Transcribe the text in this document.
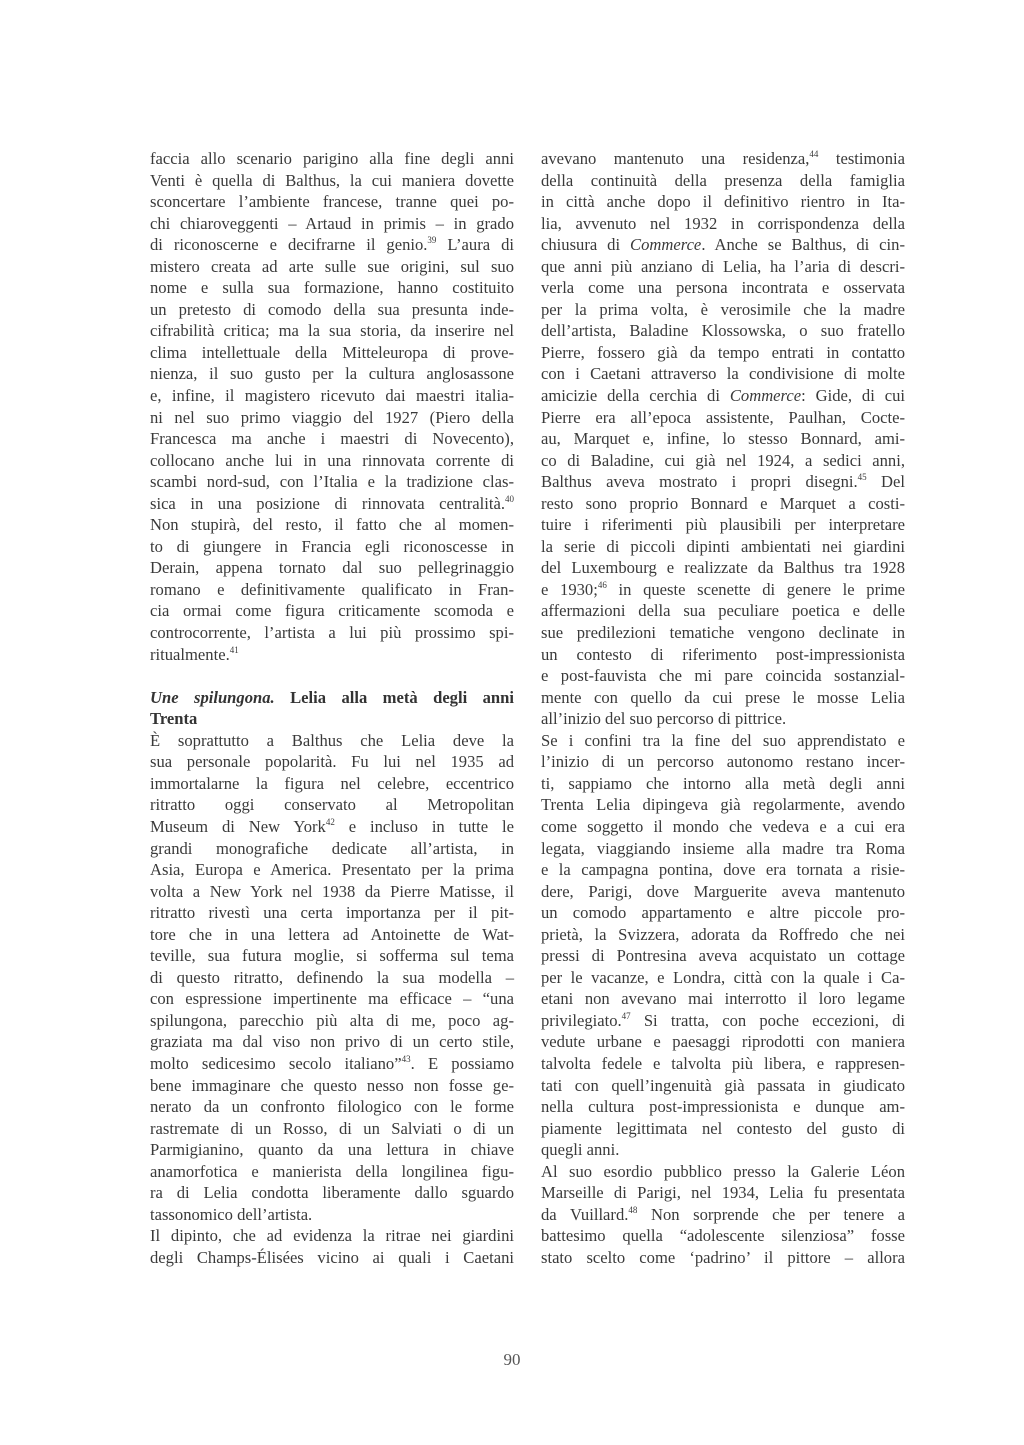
faccia allo scenario parigino alla fine degli anni
Venti è quella di Balthus, la cui maniera dovette
sconcertare l’ambiente francese, tranne quei po-
chi chiaroveggenti – Artaud in primis – in grado
di riconoscerne e decifrarne il genio.$^{39}$ L’aura di
mistero creata ad arte sulle sue origini, sul suo
nome e sulla sua formazione, hanno costituito
un pretesto di comodo della sua presunta inde-
cifrabilità critica; ma la sua storia, da inserire nel
clima intellettuale della Mitteleuropa di prove-
nienza, il suo gusto per la cultura anglosassone
e, infine, il magistero ricevuto dai maestri italia-
ni nel suo primo viaggio del 1927 (Piero della
Francesca ma anche i maestri di Novecento),
collocano anche lui in una rinnovata corrente di
scambi nord-sud, con l’Italia e la tradizione clas-
sica in una posizione di rinnovata centralità.$^{40}$
Non stupirà, del resto, il fatto che al momen-
to di giungere in Francia egli riconoscesse in
Derain, appena tornato dal suo pellegrinaggio
romano e definitivamente qualificato in Fran-
cia ormai come figura criticamente scomoda e
controcorrente, l’artista a lui più prossimo spi-
ritualmente.$^{41}$
Une spilungona. Lelia alla metà degli anni
Trenta
È soprattutto a Balthus che Lelia deve la
sua personale popolarità. Fu lui nel 1935 ad
immortalarne la figura nel celebre, eccentrico
ritratto oggi conservato al Metropolitan
Museum di New York$^{42}$ e incluso in tutte le
grandi monografiche dedicate all’artista, in
Asia, Europa e America. Presentato per la prima
volta a New York nel 1938 da Pierre Matisse, il
ritratto rivestì una certa importanza per il pit-
tore che in una lettera ad Antoinette de Wat-
teville, sua futura moglie, si sofferma sul tema
di questo ritratto, definendo la sua modella –
con espressione impertinente ma efficace – “una
spilungona, parecchio più alta di me, poco ag-
graziata ma dal viso non privo di un certo stile,
molto sedicesimo secolo italiano”$^{43}$. E possiamo
bene immaginare che questo nesso non fosse ge-
nerato da un confronto filologico con le forme
rastremate di un Rosso, di un Salviati o di un
Parmigianino, quanto da una lettura in chiave
anamorfotica e manierista della longilinea figu-
ra di Lelia condotta liberamente dallo sguardo
tassonomico dell’artista.
Il dipinto, che ad evidenza la ritrae nei giardini
degli Champs-Élisées vicino ai quali i Caetani
avevano mantenuto una residenza,$^{44}$ testimonia
della continuità della presenza della famiglia
in città anche dopo il definitivo rientro in Ita-
lia, avvenuto nel 1932 in corrispondenza della
chiusura di Commerce. Anche se Balthus, di cin-
que anni più anziano di Lelia, ha l’aria di descri-
verla come una persona incontrata e osservata
per la prima volta, è verosimile che la madre
dell’artista, Baladine Klossowska, o suo fratello
Pierre, fossero già da tempo entrati in contatto
con i Caetani attraverso la condivisione di molte
amicizie della cerchia di Commerce: Gide, di cui
Pierre era all’epoca assistente, Paulhan, Cocte-
au, Marquet e, infine, lo stesso Bonnard, ami-
co di Baladine, cui già nel 1924, a sedici anni,
Balthus aveva mostrato i propri disegni.$^{45}$ Del
resto sono proprio Bonnard e Marquet a costi-
tuire i riferimenti più plausibili per interpretare
la serie di piccoli dipinti ambientati nei giardini
del Luxembourg e realizzate da Balthus tra 1928
e 1930;$^{46}$ in queste scenette di genere le prime
affermazioni della sua peculiare poetica e delle
sue predilezioni tematiche vengono declinate in
un contesto di riferimento post-impressionista
e post-fauvista che mi pare coincida sostanzial-
mente con quello da cui prese le mosse Lelia
all’inizio del suo percorso di pittrice.
Se i confini tra la fine del suo apprendistato e
l’inizio di un percorso autonomo restano incer-
ti, sappiamo che intorno alla metà degli anni
Trenta Lelia dipingeva già regolarmente, avendo
come soggetto il mondo che vedeva e a cui era
legata, viaggiando insieme alla madre tra Roma
e la campagna pontina, dove era tornata a risie-
dere, Parigi, dove Marguerite aveva mantenuto
un comodo appartamento e altre piccole pro-
prietà, la Svizzera, adorata da Roffredo che nei
pressi di Pontresina aveva acquistato un cottage
per le vacanze, e Londra, città con la quale i Ca-
etani non avevano mai interrotto il loro legame
privilegiato.$^{47}$ Si tratta, con poche eccezioni, di
vedute urbane e paesaggi riprodotti con maniera
talvolta fedele e talvolta più libera, e rappresen-
tati con quell’ingenuità già passata in giudicato
nella cultura post-impressionista e dunque am-
piamente legittimata nel contesto del gusto di
quegli anni.
Al suo esordio pubblico presso la Galerie Léon
Marseille di Parigi, nel 1934, Lelia fu presentata
da Vuillard.$^{48}$ Non sorprende che per tenere a
battesimo quella “adolescente silenziosa” fosse
stato scelto come ‘padrino’ il pittore – allora
90
